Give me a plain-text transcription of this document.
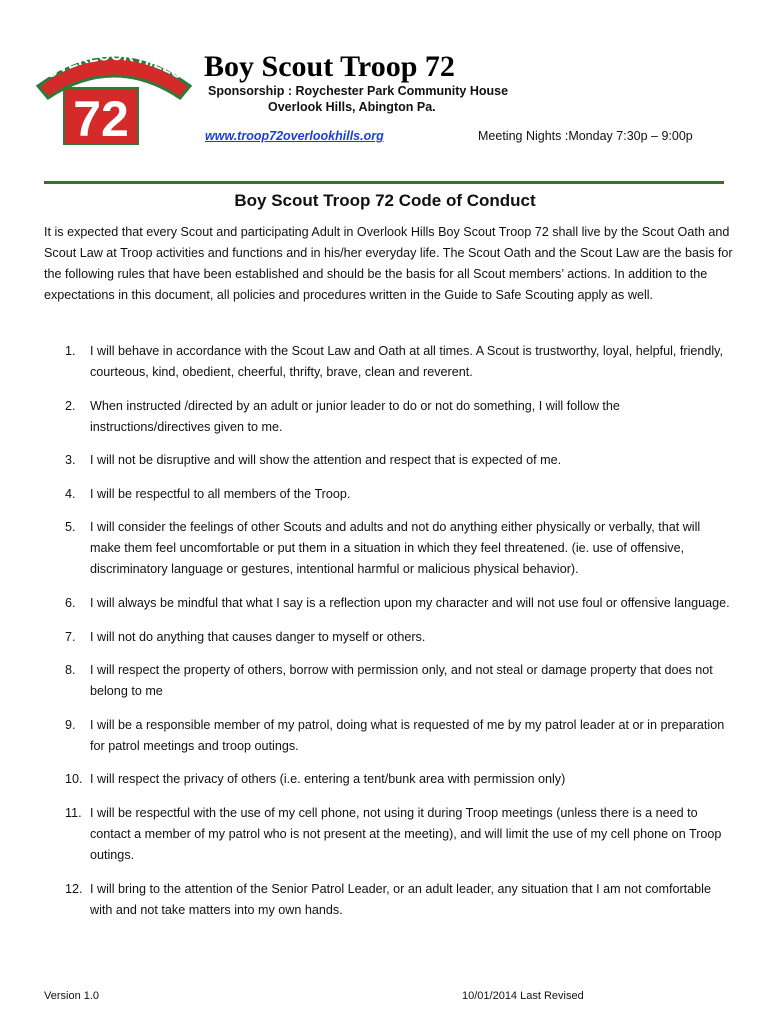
OVERLOOK HILLS
72
Boy Scout Troop 72
Sponsorship : Roychester Park Community House
Overlook Hills, Abington Pa.
www.troop72overlookhills.org	Meeting Nights :Monday 7:30p – 9:00p
Boy Scout Troop 72 Code of Conduct

It is expected that every Scout and participating Adult in Overlook Hills Boy Scout Troop 72 shall live by the Scout Oath and Scout Law at Troop activities and functions and in his/her everyday life. The Scout Oath and the Scout Law are the basis for the following rules that have been established and should be the basis for all Scout members’ actions. In addition to the expectations in this document, all policies and procedures written in the Guide to Safe Scouting apply as well.

1. I will behave in accordance with the Scout Law and Oath at all times. A Scout is trustworthy, loyal, helpful, friendly, courteous, kind, obedient, cheerful, thrifty, brave, clean and reverent.
2. When instructed /directed by an adult or junior leader to do or not do something, I will follow the instructions/directives given to me.
3. I will not be disruptive and will show the attention and respect that is expected of me.
4. I will be respectful to all members of the Troop.
5. I will consider the feelings of other Scouts and adults and not do anything either physically or verbally, that will make them feel uncomfortable or put them in a situation in which they feel threatened. (ie. use of offensive, discriminatory language or gestures, intentional harmful or malicious physical behavior).
6. I will always be mindful that what I say is a reflection upon my character and will not use foul or offensive language.
7. I will not do anything that causes danger to myself or others.
8. I will respect the property of others, borrow with permission only, and not steal or damage property that does not belong to me
9. I will be a responsible member of my patrol, doing what is requested of me by my patrol leader at or in preparation for patrol meetings and troop outings.
10. I will respect the privacy of others (i.e. entering a tent/bunk area with permission only)
11. I will be respectful with the use of my cell phone, not using it during Troop meetings (unless there is a need to contact a member of my patrol who is not present at the meeting), and will limit the use of my cell phone on Troop outings.
12. I will bring to the attention of the Senior Patrol Leader, or an adult leader, any situation that I am not comfortable with and not take matters into my own hands.
Version 1.0	10/01/2014 Last Revised
